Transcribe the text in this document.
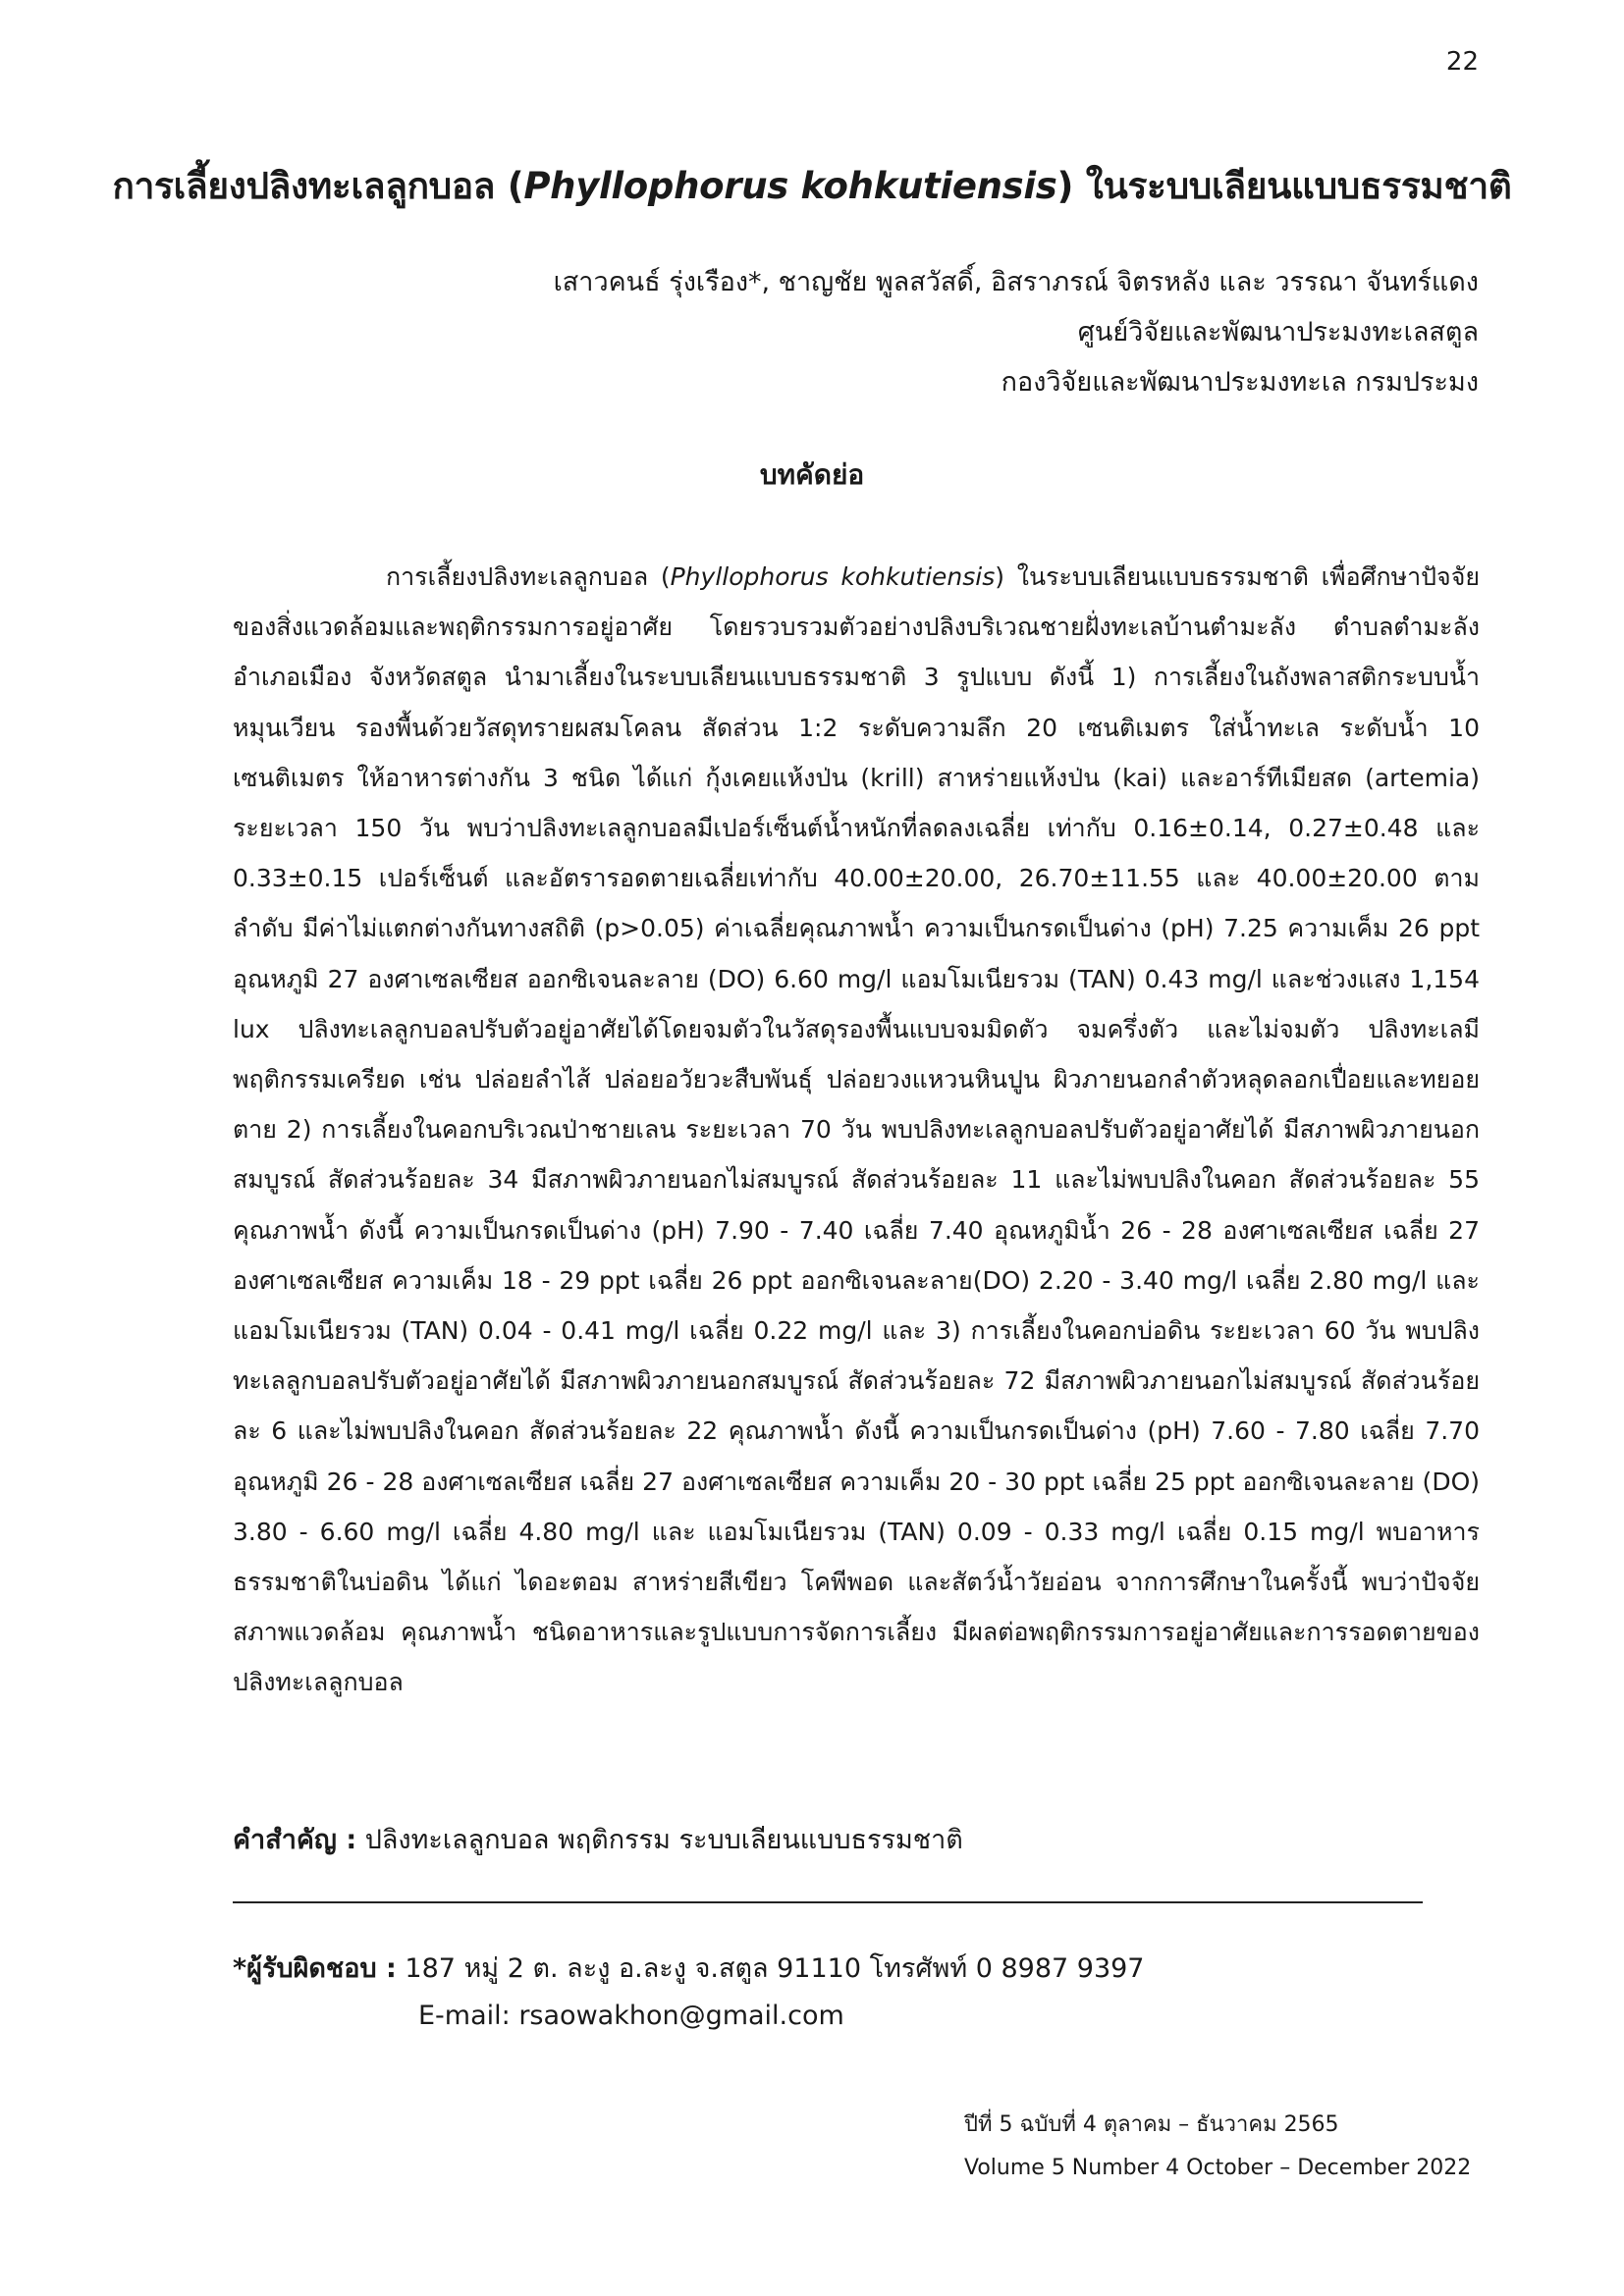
22
การเลี้ยงปลิงทะเลลูกบอล (Phyllophorus kohkutiensis) ในระบบเลียนแบบธรรมชาติ
เสาวคนธ์ รุ่งเรือง*, ชาญชัย พูลสวัสดิ์, อิสราภรณ์ จิตรหลัง และ วรรณา จันทร์แดง
ศูนย์วิจัยและพัฒนาประมงทะเลสตูล
กองวิจัยและพัฒนาประมงทะเล กรมประมง
บทคัดย่อ
การเลี้ยงปลิงทะเลลูกบอล (Phyllophorus kohkutiensis) ในระบบเลียนแบบธรรมชาติ เพื่อศึกษาปัจจัยของสิ่งแวดล้อมและพฤติกรรมการอยู่อาศัย โดยรวบรวมตัวอย่างปลิงบริเวณชายฝั่งทะเลบ้านตำมะลัง ตำบลตำมะลัง อำเภอเมือง จังหวัดสตูล นำมาเลี้ยงในระบบเลียนแบบธรรมชาติ 3 รูปแบบ ดังนี้ 1) การเลี้ยงในถังพลาสติกระบบน้ำหมุนเวียน รองพื้นด้วยวัสดุทรายผสมโคลน สัดส่วน 1:2 ระดับความลึก 20 เซนติเมตร ใส่น้ำทะเล ระดับน้ำ 10 เซนติเมตร ให้อาหารต่างกัน 3 ชนิด ได้แก่ กุ้งเคยแห้งป่น (krill) สาหร่ายแห้งป่น (kai) และอาร์ทีเมียสด (artemia) ระยะเวลา 150 วัน พบว่าปลิงทะเลลูกบอลมีเปอร์เซ็นต์น้ำหนักที่ลดลงเฉลี่ย เท่ากับ 0.16±0.14, 0.27±0.48 และ 0.33±0.15 เปอร์เซ็นต์ และอัตรารอดตายเฉลี่ยเท่ากับ 40.00±20.00, 26.70±11.55 และ 40.00±20.00 ตามลำดับ มีค่าไม่แตกต่างกันทางสถิติ (p>0.05) ค่าเฉลี่ยคุณภาพน้ำ ความเป็นกรดเป็นด่าง (pH) 7.25 ความเค็ม 26 ppt อุณหภูมิ 27 องศาเซลเซียส ออกซิเจนละลาย (DO) 6.60 mg/l แอมโมเนียรวม (TAN) 0.43 mg/l และช่วงแสง 1,154 lux ปลิงทะเลลูกบอลปรับตัวอยู่อาศัยได้โดยจมตัวในวัสดุรองพื้นแบบจมมิดตัว จมครึ่งตัว และไม่จมตัว ปลิงทะเลมีพฤติกรรมเครียด เช่น ปล่อยลำไส้ ปล่อยอวัยวะสืบพันธุ์ ปล่อยวงแหวนหินปูน ผิวภายนอกลำตัวหลุดลอกเปื่อยและทยอยตาย 2) การเลี้ยงในคอกบริเวณป่าชายเลน ระยะเวลา 70 วัน พบปลิงทะเลลูกบอลปรับตัวอยู่อาศัยได้ มีสภาพผิวภายนอกสมบูรณ์ สัดส่วนร้อยละ 34 มีสภาพผิวภายนอกไม่สมบูรณ์ สัดส่วนร้อยละ 11 และไม่พบปลิงในคอก สัดส่วนร้อยละ 55 คุณภาพน้ำ ดังนี้ ความเป็นกรดเป็นด่าง (pH) 7.90 - 7.40 เฉลี่ย 7.40 อุณหภูมิน้ำ 26 - 28 องศาเซลเซียส เฉลี่ย 27 องศาเซลเซียส ความเค็ม 18 - 29 ppt เฉลี่ย 26 ppt ออกซิเจนละลาย(DO) 2.20 - 3.40 mg/l เฉลี่ย 2.80 mg/l และแอมโมเนียรวม (TAN) 0.04 - 0.41 mg/l เฉลี่ย 0.22 mg/l และ 3) การเลี้ยงในคอกบ่อดิน ระยะเวลา 60 วัน พบปลิงทะเลลูกบอลปรับตัวอยู่อาศัยได้ มีสภาพผิวภายนอกสมบูรณ์ สัดส่วนร้อยละ 72 มีสภาพผิวภายนอกไม่สมบูรณ์ สัดส่วนร้อยละ 6 และไม่พบปลิงในคอก สัดส่วนร้อยละ 22 คุณภาพน้ำ ดังนี้ ความเป็นกรดเป็นด่าง (pH) 7.60 - 7.80 เฉลี่ย 7.70 อุณหภูมิ 26 - 28 องศาเซลเซียส เฉลี่ย 27 องศาเซลเซียส ความเค็ม 20 - 30 ppt เฉลี่ย 25 ppt ออกซิเจนละลาย (DO) 3.80 - 6.60 mg/l เฉลี่ย 4.80 mg/l และ แอมโมเนียรวม (TAN) 0.09 - 0.33 mg/l เฉลี่ย 0.15 mg/l พบอาหารธรรมชาติในบ่อดิน ได้แก่ ไดอะตอม สาหร่ายสีเขียว โคพีพอด และสัตว์น้ำวัยอ่อน จากการศึกษาในครั้งนี้ พบว่าปัจจัยสภาพแวดล้อม คุณภาพน้ำ ชนิดอาหารและรูปแบบการจัดการเลี้ยง มีผลต่อพฤติกรรมการอยู่อาศัยและการรอดตายของปลิงทะเลลูกบอล
คำสำคัญ : ปลิงทะเลลูกบอล พฤติกรรม ระบบเลียนแบบธรรมชาติ
*ผู้รับผิดชอบ : 187 หมู่ 2 ต. ละงู อ.ละงู จ.สตูล 91110 โทรศัพท์ 0 8987 9397
E-mail: rsaowakhon@gmail.com
ปีที่ 5 ฉบับที่ 4 ตุลาคม – ธันวาคม 2565
Volume 5 Number 4 October – December 2022
